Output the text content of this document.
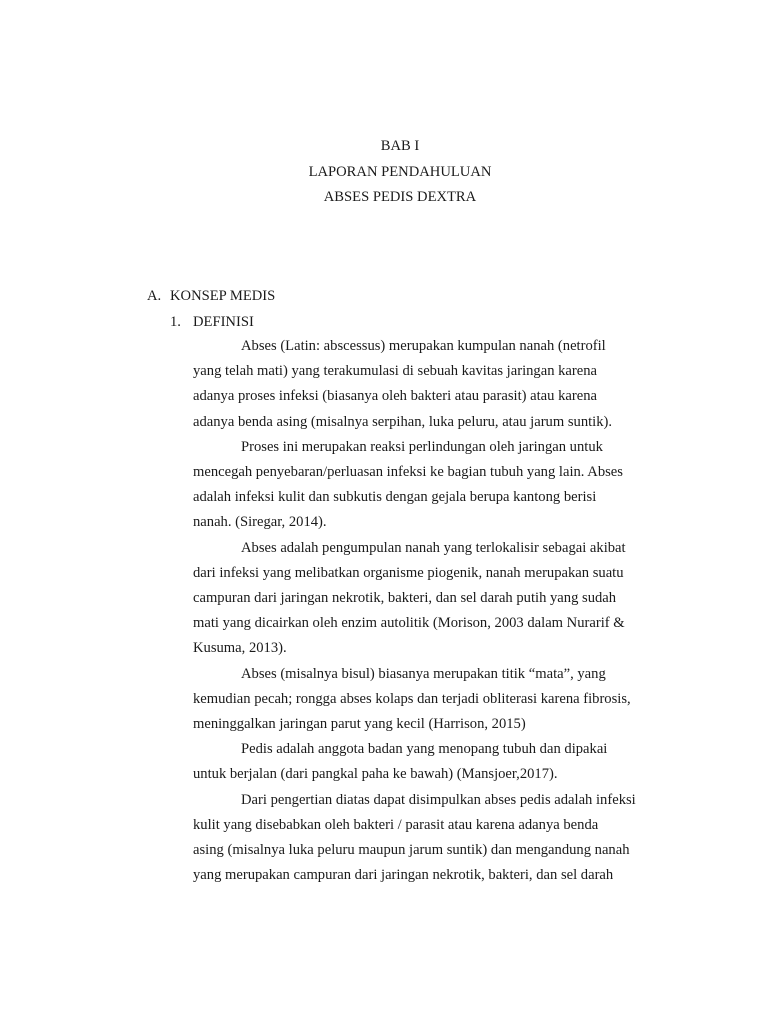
BAB I
LAPORAN PENDAHULUAN
ABSES PEDIS DEXTRA
A. KONSEP MEDIS
1. DEFINISI

Abses (Latin: abscessus) merupakan kumpulan nanah (netrofil
yang telah mati) yang terakumulasi di sebuah kavitas jaringan karena
adanya proses infeksi (biasanya oleh bakteri atau parasit) atau karena
adanya benda asing (misalnya serpihan, luka peluru, atau jarum suntik).

Proses ini merupakan reaksi perlindungan oleh jaringan untuk
mencegah penyebaran/perluasan infeksi ke bagian tubuh yang lain. Abses
adalah infeksi kulit dan subkutis dengan gejala berupa kantong berisi
nanah. (Siregar, 2014).

Abses adalah pengumpulan nanah yang terlokalisir sebagai akibat
dari infeksi yang melibatkan organisme piogenik, nanah merupakan suatu
campuran dari jaringan nekrotik, bakteri, dan sel darah putih yang sudah
mati yang dicairkan oleh enzim autolitik (Morison, 2003 dalam Nurarif &
Kusuma, 2013).

Abses (misalnya bisul) biasanya merupakan titik “mata”, yang
kemudian pecah; rongga abses kolaps dan terjadi obliterasi karena fibrosis,
meninggalkan jaringan parut yang kecil (Harrison, 2015)

Pedis adalah anggota badan yang menopang tubuh dan dipakai
untuk berjalan (dari pangkal paha ke bawah) (Mansjoer,2017).

Dari pengertian diatas dapat disimpulkan abses pedis adalah infeksi
kulit yang disebabkan oleh bakteri / parasit atau karena adanya benda
asing (misalnya luka peluru maupun jarum suntik) dan mengandung nanah
yang merupakan campuran dari jaringan nekrotik, bakteri, dan sel darah
